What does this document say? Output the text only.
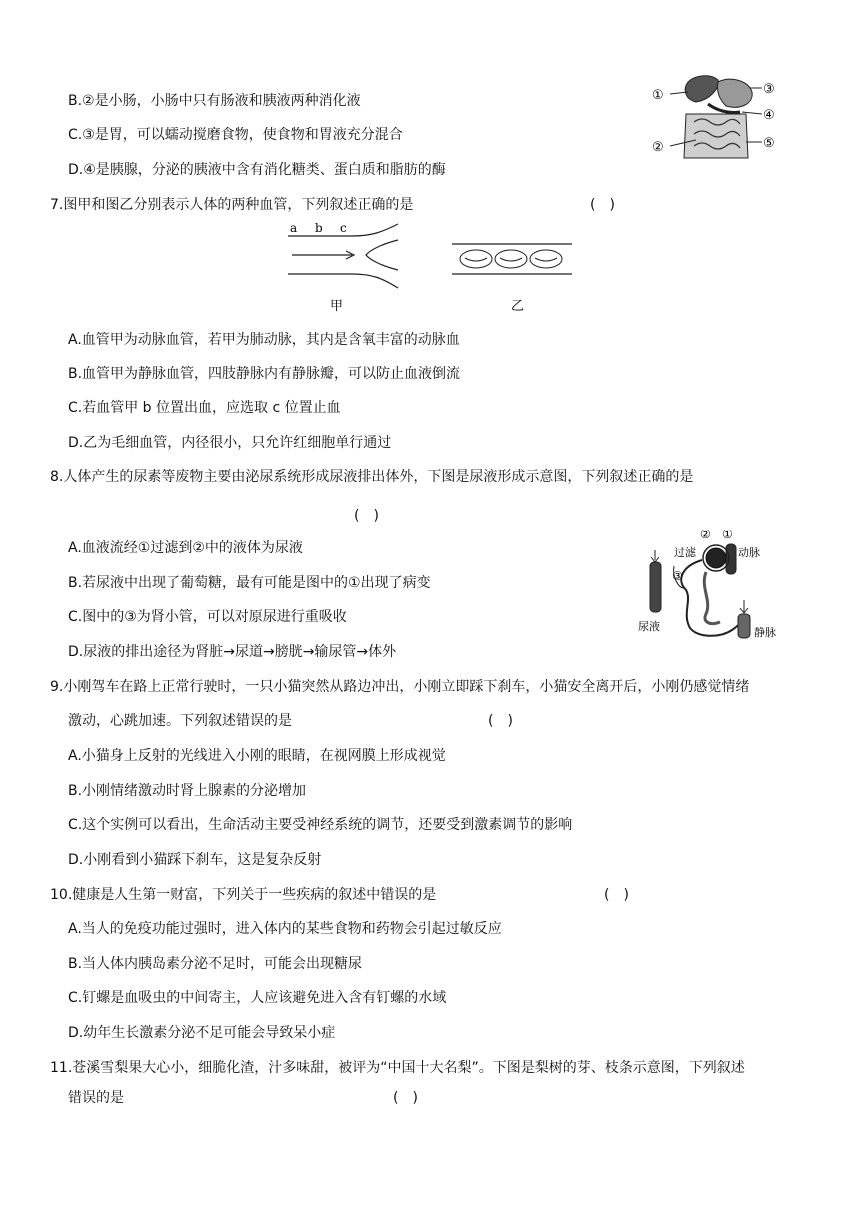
B.②是小肠，小肠中只有肠液和胰液两种消化液
C.③是胃，可以蠕动搅磨食物，使食物和胃液充分混合
D.④是胰腺，分泌的胰液中含有消化糖类、蛋白质和脂肪的酶
①
②
③
④
⑤
7.图甲和图乙分别表示人体的两种血管，下列叙述正确的是	(　)
a b c
甲	乙
A.血管甲为动脉血管，若甲为肺动脉，其内是含氧丰富的动脉血
B.血管甲为静脉血管，四肢静脉内有静脉瓣，可以防止血液倒流
C.若血管甲 b 位置出血，应选取 c 位置止血
D.乙为毛细血管，内径很小，只允许红细胞单行通过
8.人体产生的尿素等废物主要由泌尿系统形成尿液排出体外，下图是尿液形成示意图，下列叙述正确的是
(　)
A.血液流经①过滤到②中的液体为尿液
B.若尿液中出现了葡萄糖，最有可能是图中的①出现了病变
C.图中的③为肾小管，可以对原尿进行重吸收
D.尿液的排出途径为肾脏→尿道→膀胱→输尿管→体外
② ①
过滤	动脉
③
尿液	静脉
9.小刚驾车在路上正常行驶时，一只小猫突然从路边冲出，小刚立即踩下刹车，小猫安全离开后，小刚仍感觉情绪
激动，心跳加速。下列叙述错误的是	(　)
A.小猫身上反射的光线进入小刚的眼睛，在视网膜上形成视觉
B.小刚情绪激动时肾上腺素的分泌增加
C.这个实例可以看出，生命活动主要受神经系统的调节，还要受到激素调节的影响
D.小刚看到小猫踩下刹车，这是复杂反射
10.健康是人生第一财富，下列关于一些疾病的叙述中错误的是	(　)
A.当人的免疫功能过强时，进入体内的某些食物和药物会引起过敏反应
B.当人体内胰岛素分泌不足时，可能会出现糖尿
C.钉螺是血吸虫的中间寄主，人应该避免进入含有钉螺的水域
D.幼年生长激素分泌不足可能会导致呆小症
11.苍溪雪梨果大心小，细脆化渣，汁多味甜，被评为“中国十大名梨”。下图是梨树的芽、枝条示意图，下列叙述
错误的是	(　)
